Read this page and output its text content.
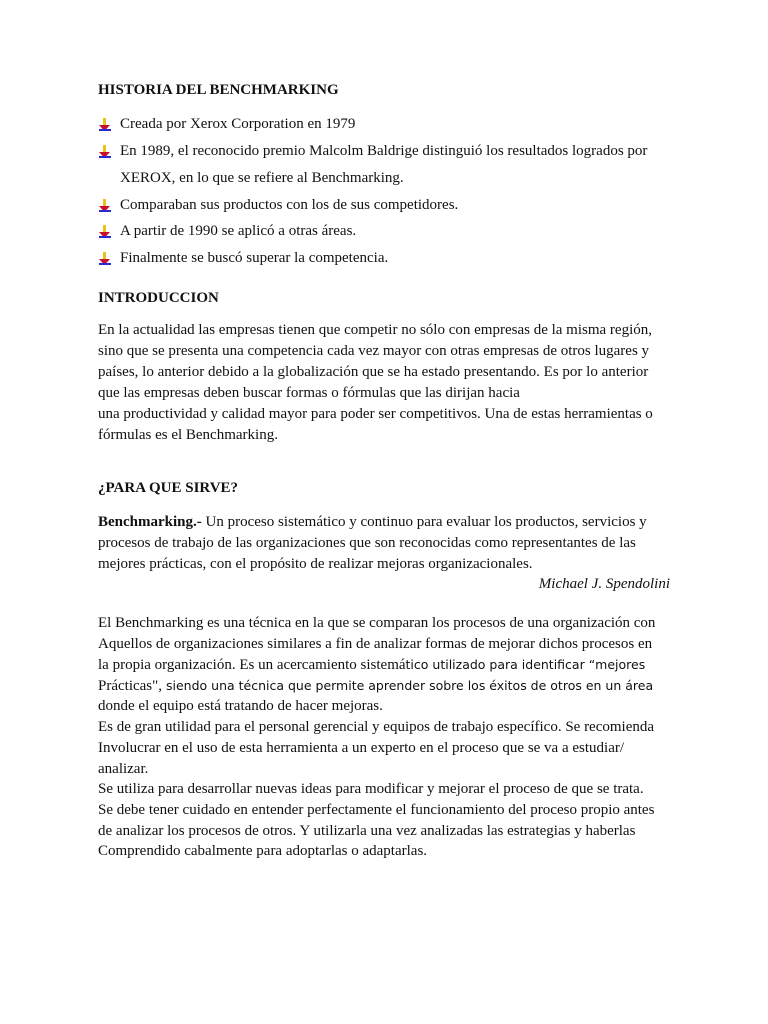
HISTORIA DEL BENCHMARKING
Creada por Xerox Corporation en 1979
En 1989, el reconocido premio Malcolm Baldrige distinguió los resultados logrados por
XEROX, en lo que se refiere al Benchmarking.
Comparaban sus productos con los de sus competidores.
A partir de 1990 se aplicó a otras áreas.
Finalmente se buscó superar la competencia.
INTRODUCCION
En la actualidad las empresas tienen que competir no sólo con empresas de la misma región,
sino que se presenta una competencia cada vez mayor con otras empresas de otros lugares y
países, lo anterior debido a la globalización que se ha estado presentando. Es por lo anterior
que las empresas deben buscar formas o fórmulas que las dirijan hacia
una productividad y calidad mayor para poder ser competitivos. Una de estas herramientas o
fórmulas es el Benchmarking.
¿PARA QUE SIRVE?
Benchmarking.- Un proceso sistemático y continuo para evaluar los productos, servicios y
procesos de trabajo de las organizaciones que son reconocidas como representantes de las
mejores prácticas, con el propósito de realizar mejoras organizacionales.
Michael J. Spendolini
El Benchmarking es una técnica en la que se comparan los procesos de una organización con
Aquellos de organizaciones similares a fin de analizar formas de mejorar dichos procesos en
la propia organización. Es un acercamiento sistemático utilizado para identificar “mejores
Prácticas", siendo una técnica que permite aprender sobre los éxitos de otros en un área
donde el equipo está tratando de hacer mejoras.
Es de gran utilidad para el personal gerencial y equipos de trabajo específico. Se recomienda
Involucrar en el uso de esta herramienta a un experto en el proceso que se va a estudiar/
analizar.
Se utiliza para desarrollar nuevas ideas para modificar y mejorar el proceso de que se trata.
Se debe tener cuidado en entender perfectamente el funcionamiento del proceso propio antes
de analizar los procesos de otros. Y utilizarla una vez analizadas las estrategias y haberlas
Comprendido cabalmente para adoptarlas o adaptarlas.
